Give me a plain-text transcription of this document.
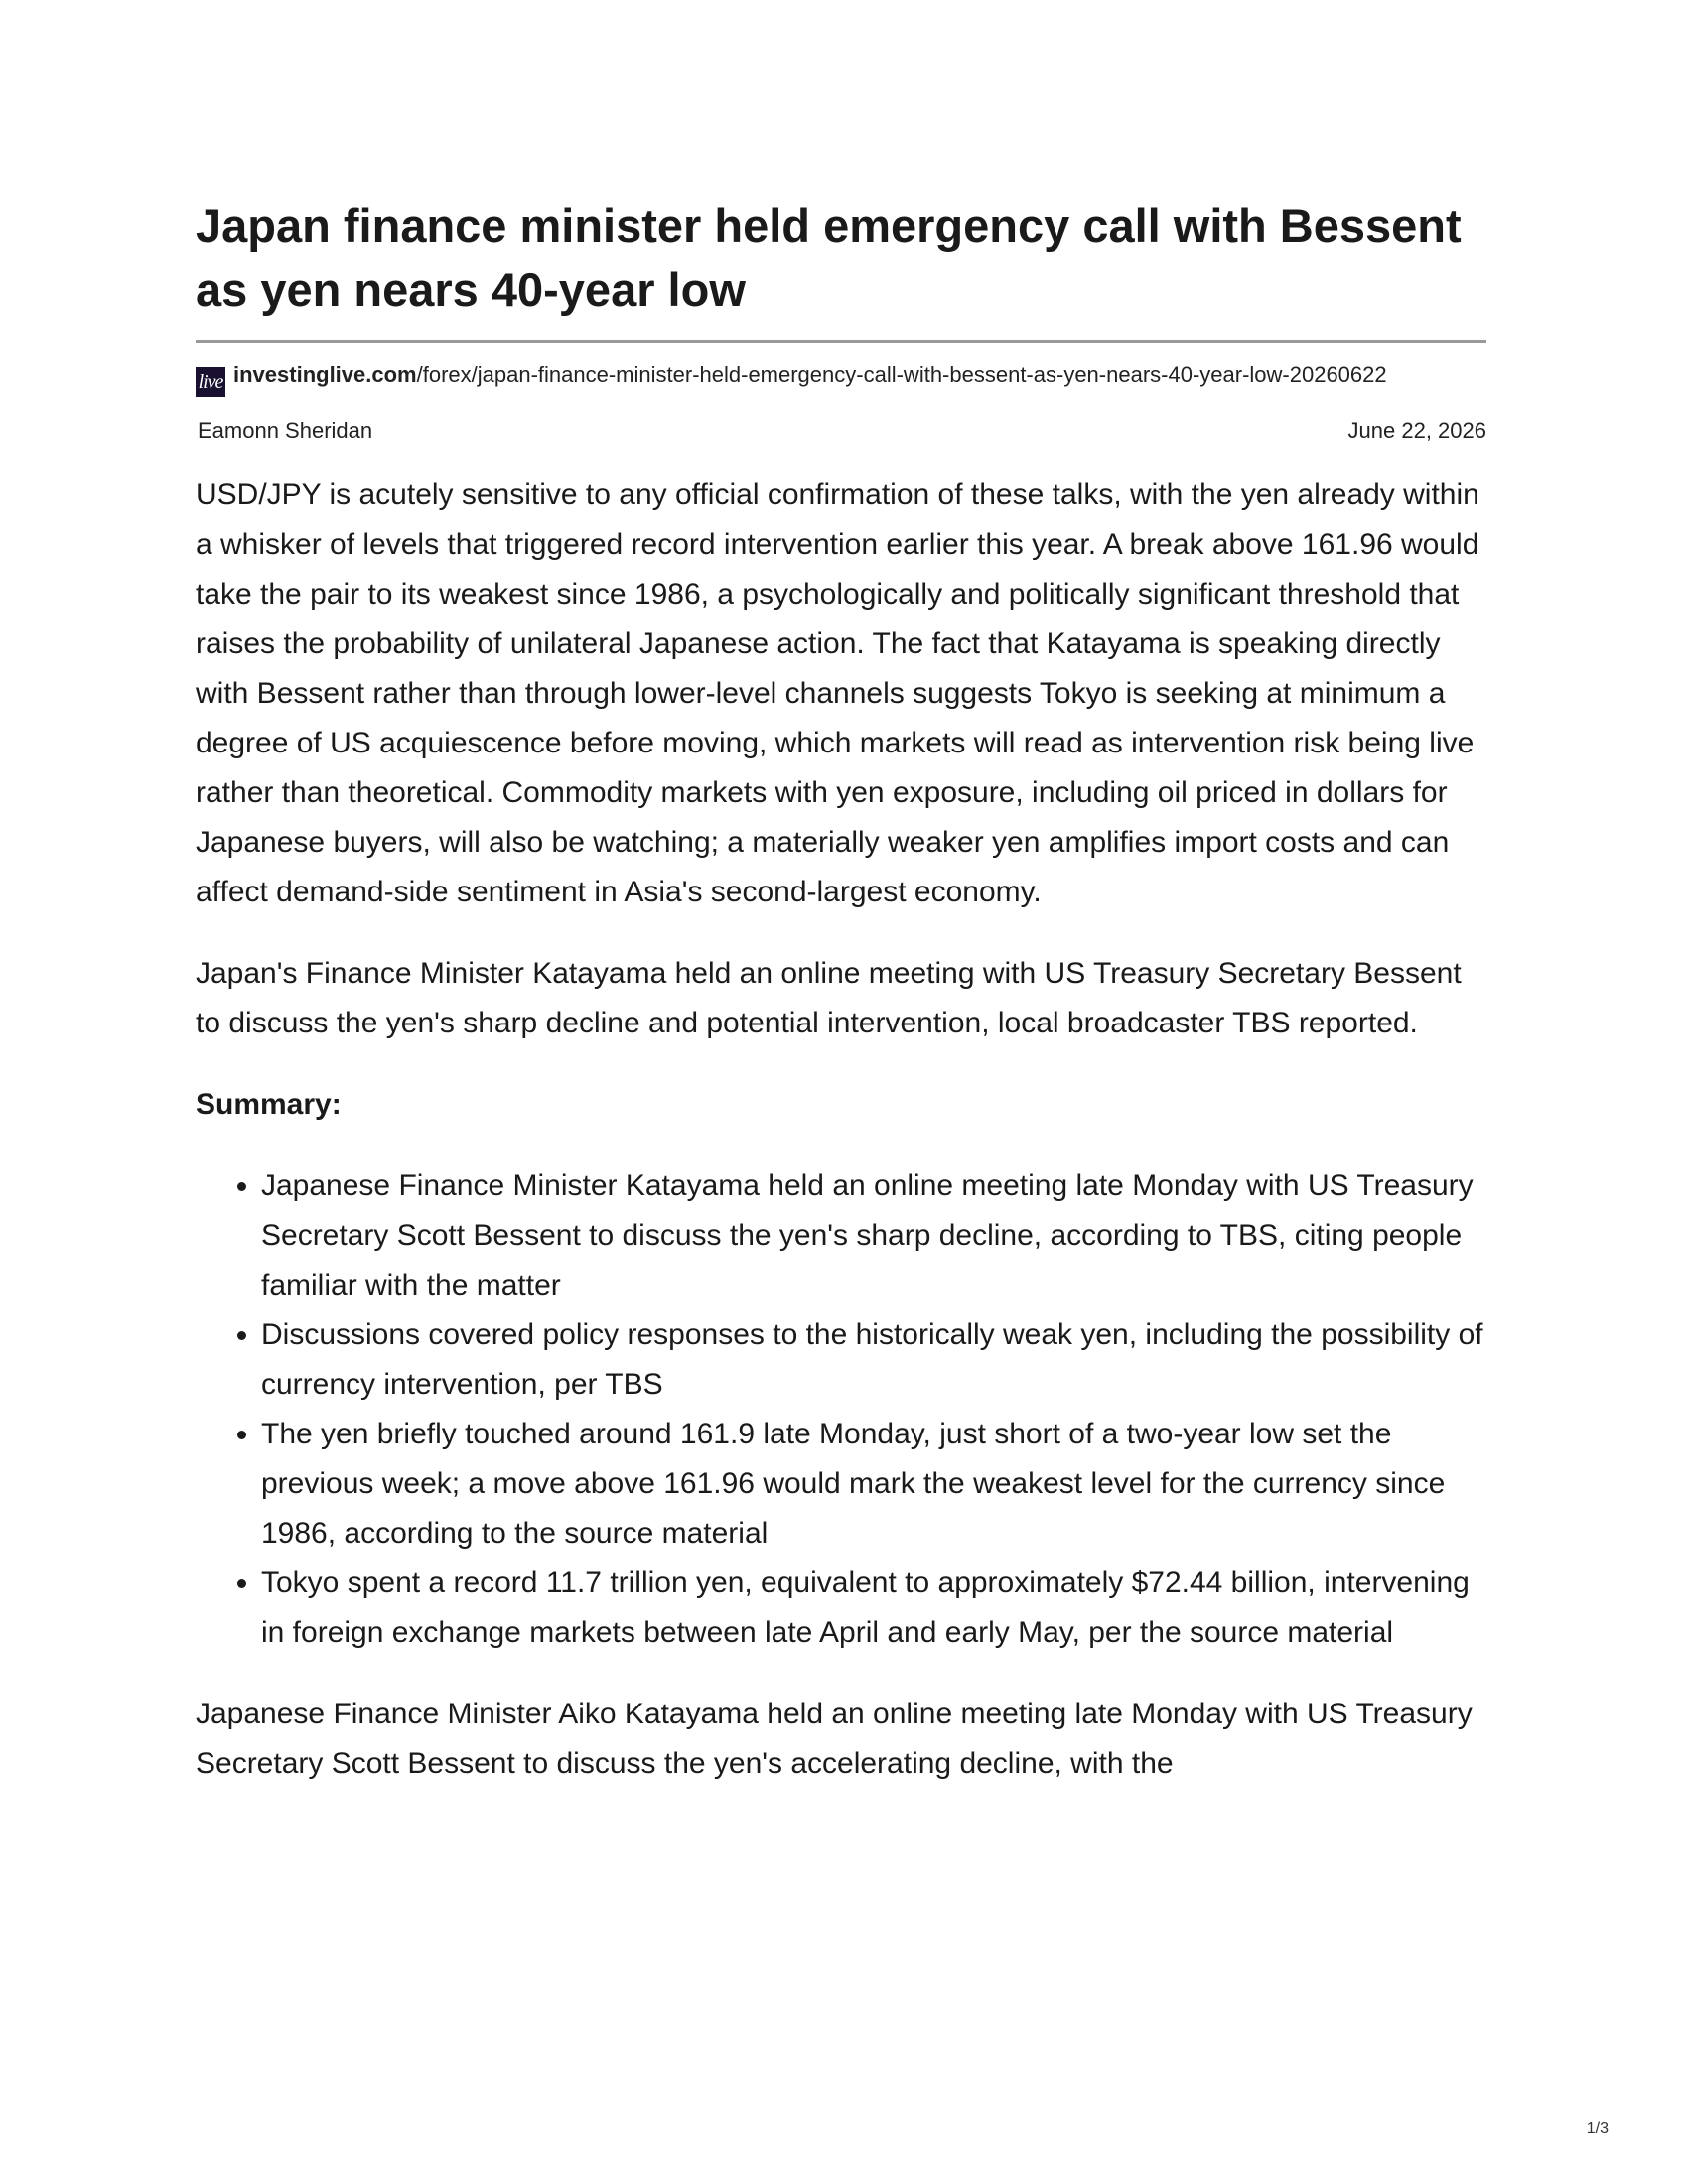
Japan finance minister held emergency call with Bessent as yen nears 40-year low
live investinglive.com/forex/japan-finance-minister-held-emergency-call-with-bessent-as-yen-nears-40-year-low-20260622
Eamonn Sheridan	June 22, 2026

USD/JPY is acutely sensitive to any official confirmation of these talks, with the yen already within a whisker of levels that triggered record intervention earlier this year. A break above 161.96 would take the pair to its weakest since 1986, a psychologically and politically significant threshold that raises the probability of unilateral Japanese action. The fact that Katayama is speaking directly with Bessent rather than through lower-level channels suggests Tokyo is seeking at minimum a degree of US acquiescence before moving, which markets will read as intervention risk being live rather than theoretical. Commodity markets with yen exposure, including oil priced in dollars for Japanese buyers, will also be watching; a materially weaker yen amplifies import costs and can affect demand-side sentiment in Asia's second-largest economy.

Japan's Finance Minister Katayama held an online meeting with US Treasury Secretary Bessent to discuss the yen's sharp decline and potential intervention, local broadcaster TBS reported.

Summary:

• Japanese Finance Minister Katayama held an online meeting late Monday with US Treasury Secretary Scott Bessent to discuss the yen's sharp decline, according to TBS, citing people familiar with the matter
• Discussions covered policy responses to the historically weak yen, including the possibility of currency intervention, per TBS
• The yen briefly touched around 161.9 late Monday, just short of a two-year low set the previous week; a move above 161.96 would mark the weakest level for the currency since 1986, according to the source material
• Tokyo spent a record 11.7 trillion yen, equivalent to approximately $72.44 billion, intervening in foreign exchange markets between late April and early May, per the source material

Japanese Finance Minister Aiko Katayama held an online meeting late Monday with US Treasury Secretary Scott Bessent to discuss the yen's accelerating decline, with the

1/3
